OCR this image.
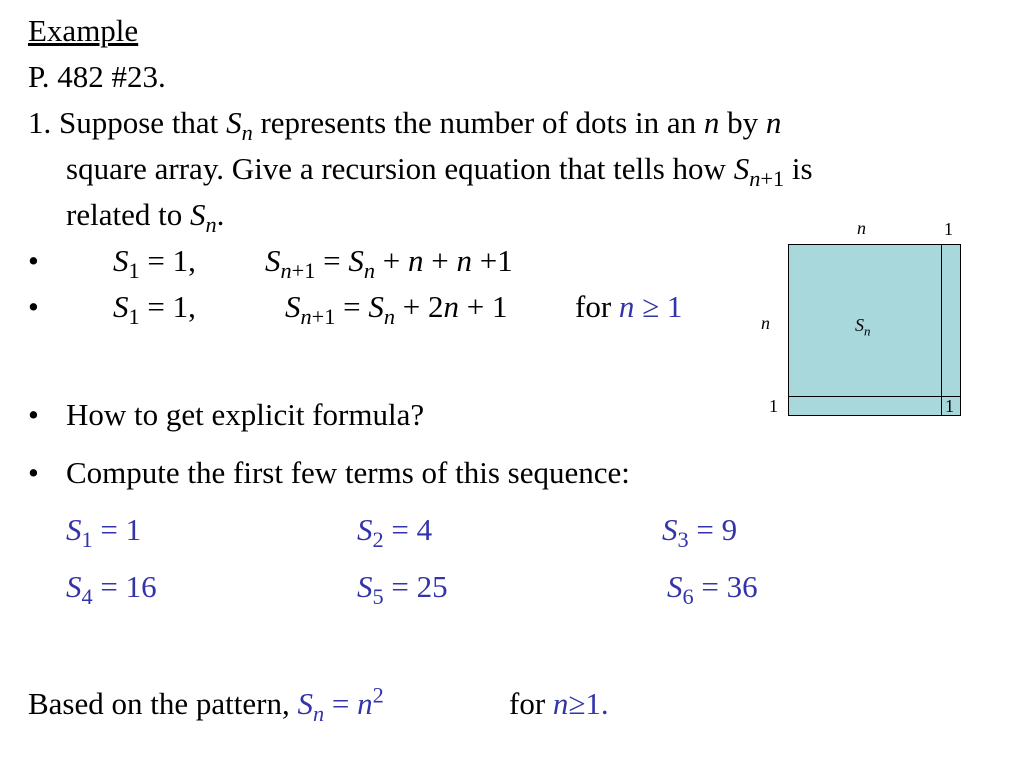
Example
P. 482 #23.
1. Suppose that $S_n$ represents the number of dots in an n by n
square array. Give a recursion equation that tells how $S_{n+1}$ is
related to $S_n$.
• $S_1 = 1$, $S_{n+1} = S_n + n + n +1$
• $S_1 = 1$,	$S_{n+1} = S_n + 2n + 1$ for n ≥ 1
• How to get explicit formula?
• Compute the first few terms of this sequence:
$S_1 = 1$	$S_2 = 4$	$S_3 = 9$
$S_4 = 16$	$S_5 = 25$	$S_6 = 36$
Based on the pattern, $S_n = n^2$	for n≥1.
n	1
n
1	1
$S_n$
